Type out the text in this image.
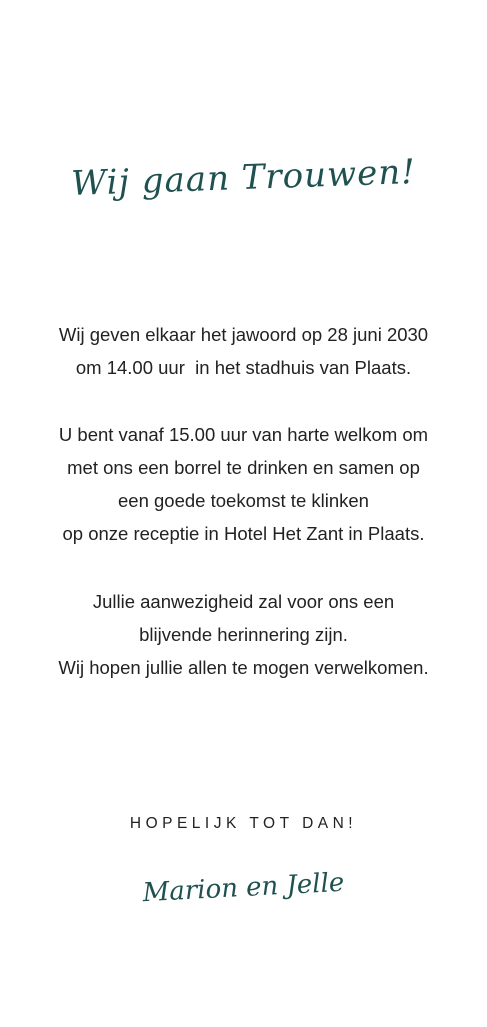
Wij gaan Trouwen!
Wij geven elkaar het jawoord op 28 juni 2030
om 14.00 uur  in het stadhuis van Plaats.
U bent vanaf 15.00 uur van harte welkom om
met ons een borrel te drinken en samen op
een goede toekomst te klinken
op onze receptie in Hotel Het Zant in Plaats.
Jullie aanwezigheid zal voor ons een
blijvende herinnering zijn.
Wij hopen jullie allen te mogen verwelkomen.
HOPELIJK TOT DAN!
Marion en Jelle
